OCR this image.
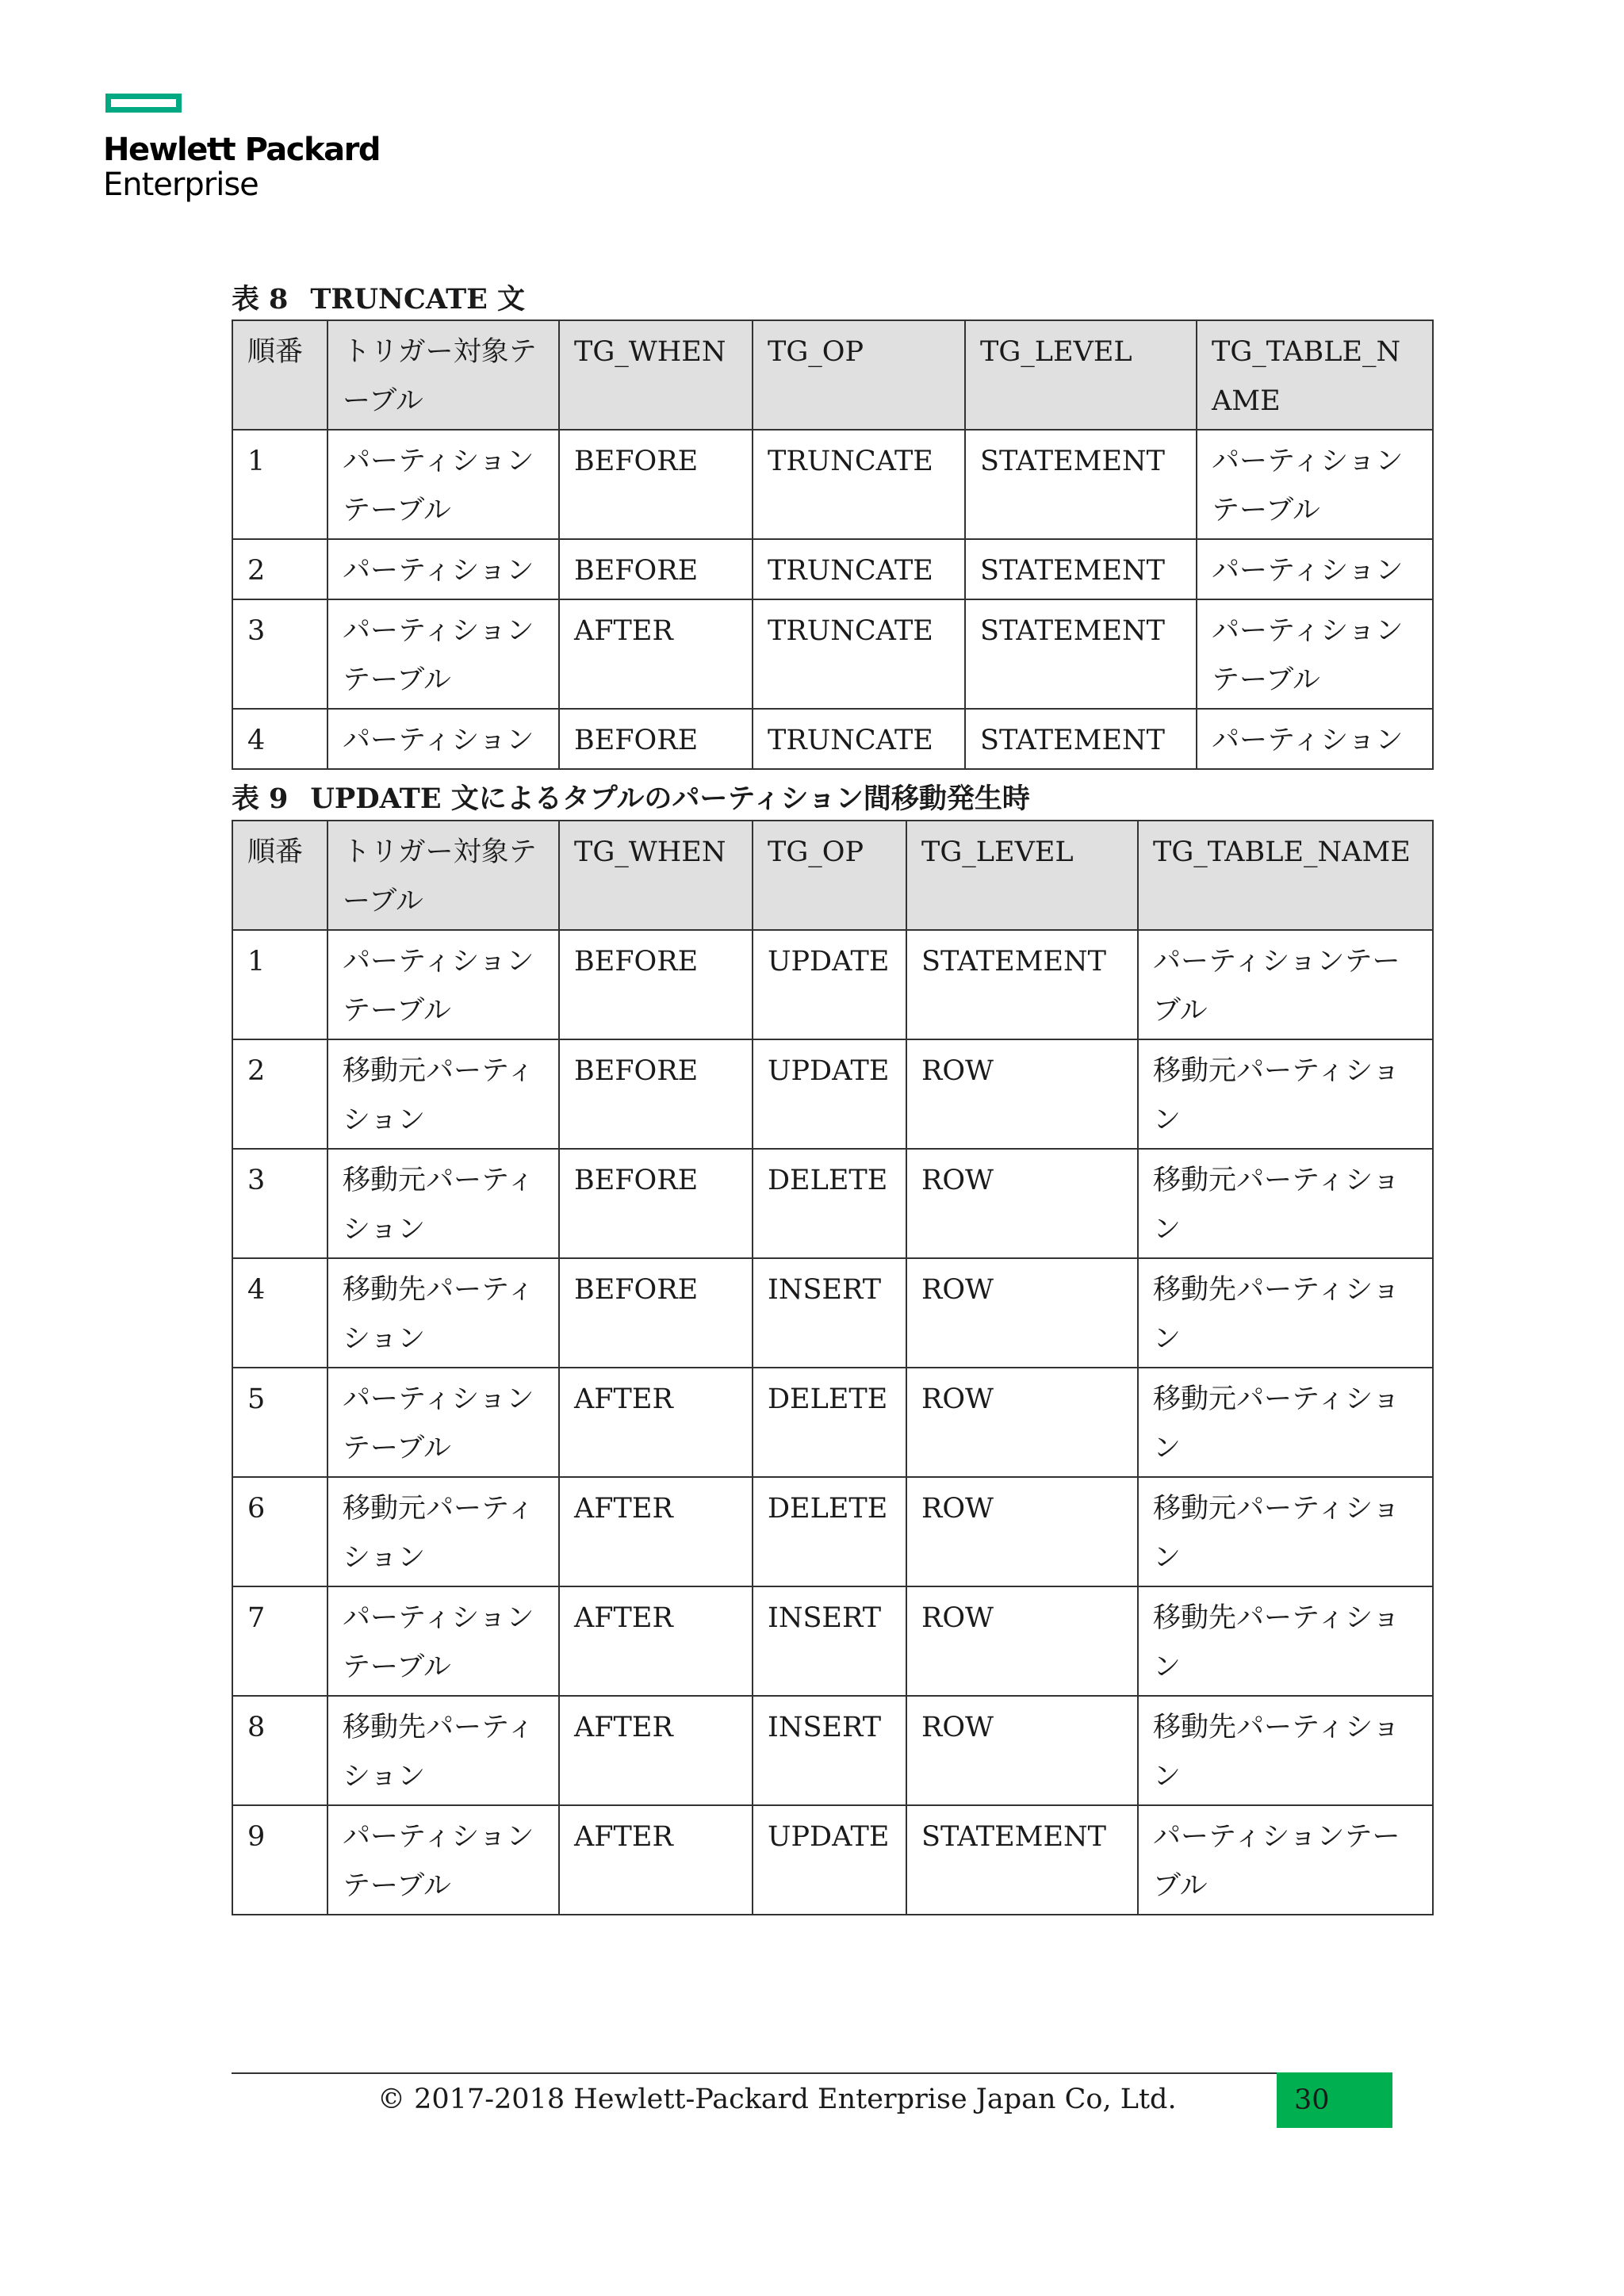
Hewlett Packard
Enterprise
表 8 TRUNCATE 文
順番	トリガー対象テーブル	TG_WHEN	TG_OP	TG_LEVEL	TG_TABLE_NAME
1	パーティションテーブル	BEFORE	TRUNCATE	STATEMENT	パーティションテーブル
2	パーティション	BEFORE	TRUNCATE	STATEMENT	パーティション
3	パーティションテーブル	AFTER	TRUNCATE	STATEMENT	パーティションテーブル
4	パーティション	BEFORE	TRUNCATE	STATEMENT	パーティション
表 9 UPDATE 文によるタプルのパーティション間移動発生時
順番	トリガー対象テーブル	TG_WHEN	TG_OP	TG_LEVEL	TG_TABLE_NAME
1	パーティションテーブル	BEFORE	UPDATE	STATEMENT	パーティションテーブル
2	移動元パーティション	BEFORE	UPDATE	ROW	移動元パーティション
3	移動元パーティション	BEFORE	DELETE	ROW	移動元パーティション
4	移動先パーティション	BEFORE	INSERT	ROW	移動先パーティション
5	パーティションテーブル	AFTER	DELETE	ROW	移動元パーティション
6	移動元パーティション	AFTER	DELETE	ROW	移動元パーティション
7	パーティションテーブル	AFTER	INSERT	ROW	移動先パーティション
8	移動先パーティション	AFTER	INSERT	ROW	移動先パーティション
9	パーティションテーブル	AFTER	UPDATE	STATEMENT	パーティションテーブル
© 2017-2018 Hewlett-Packard Enterprise Japan Co, Ltd.	30
